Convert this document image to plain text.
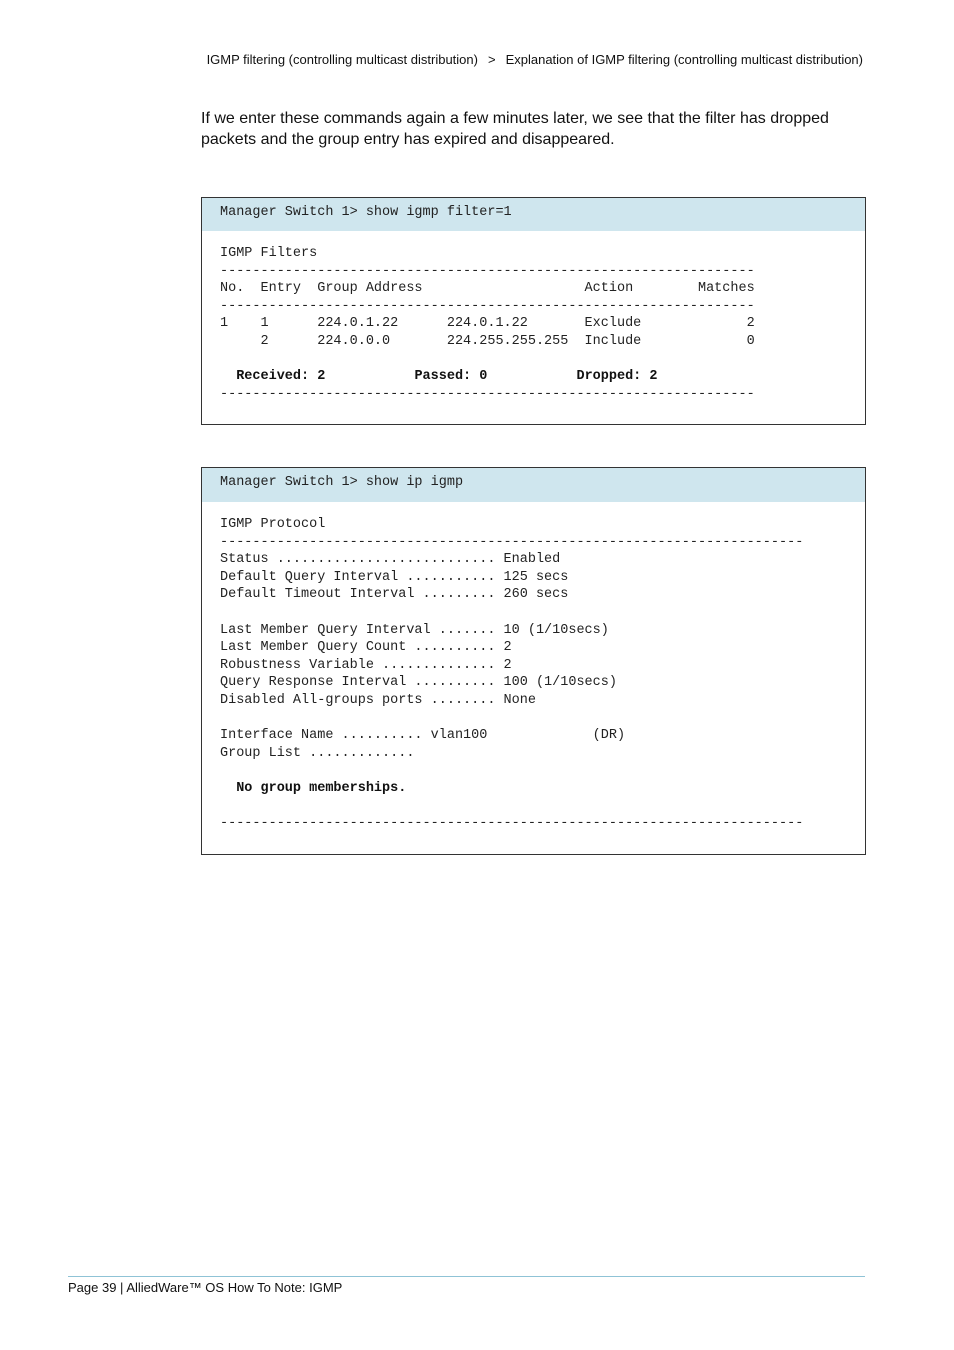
IGMP filtering (controlling multicast distribution) > Explanation of IGMP filtering (controlling multicast distribution)

If we enter these commands again a few minutes later, we see that the filter has dropped packets and the group entry has expired and disappeared.

Manager Switch 1> show igmp filter=1
IGMP Filters
------------------------------------------------------------------
No.  Entry  Group Address                    Action        Matches
------------------------------------------------------------------
1    1      224.0.1.22      224.0.1.22       Exclude             2
2      224.0.0.0       224.255.255.255  Include             0

Received: 2           Passed: 0           Dropped: 2
------------------------------------------------------------------
Manager Switch 1> show ip igmp
IGMP Protocol
------------------------------------------------------------------------
Status ........................... Enabled
Default Query Interval ........... 125 secs
Default Timeout Interval ......... 260 secs

Last Member Query Interval ....... 10 (1/10secs)
Last Member Query Count .......... 2
Robustness Variable .............. 2
Query Response Interval .......... 100 (1/10secs)
Disabled All-groups ports ........ None

Interface Name .......... vlan100             (DR)
Group List .............

No group memberships.

------------------------------------------------------------------------
Page 39 | AlliedWare™ OS How To Note: IGMP
